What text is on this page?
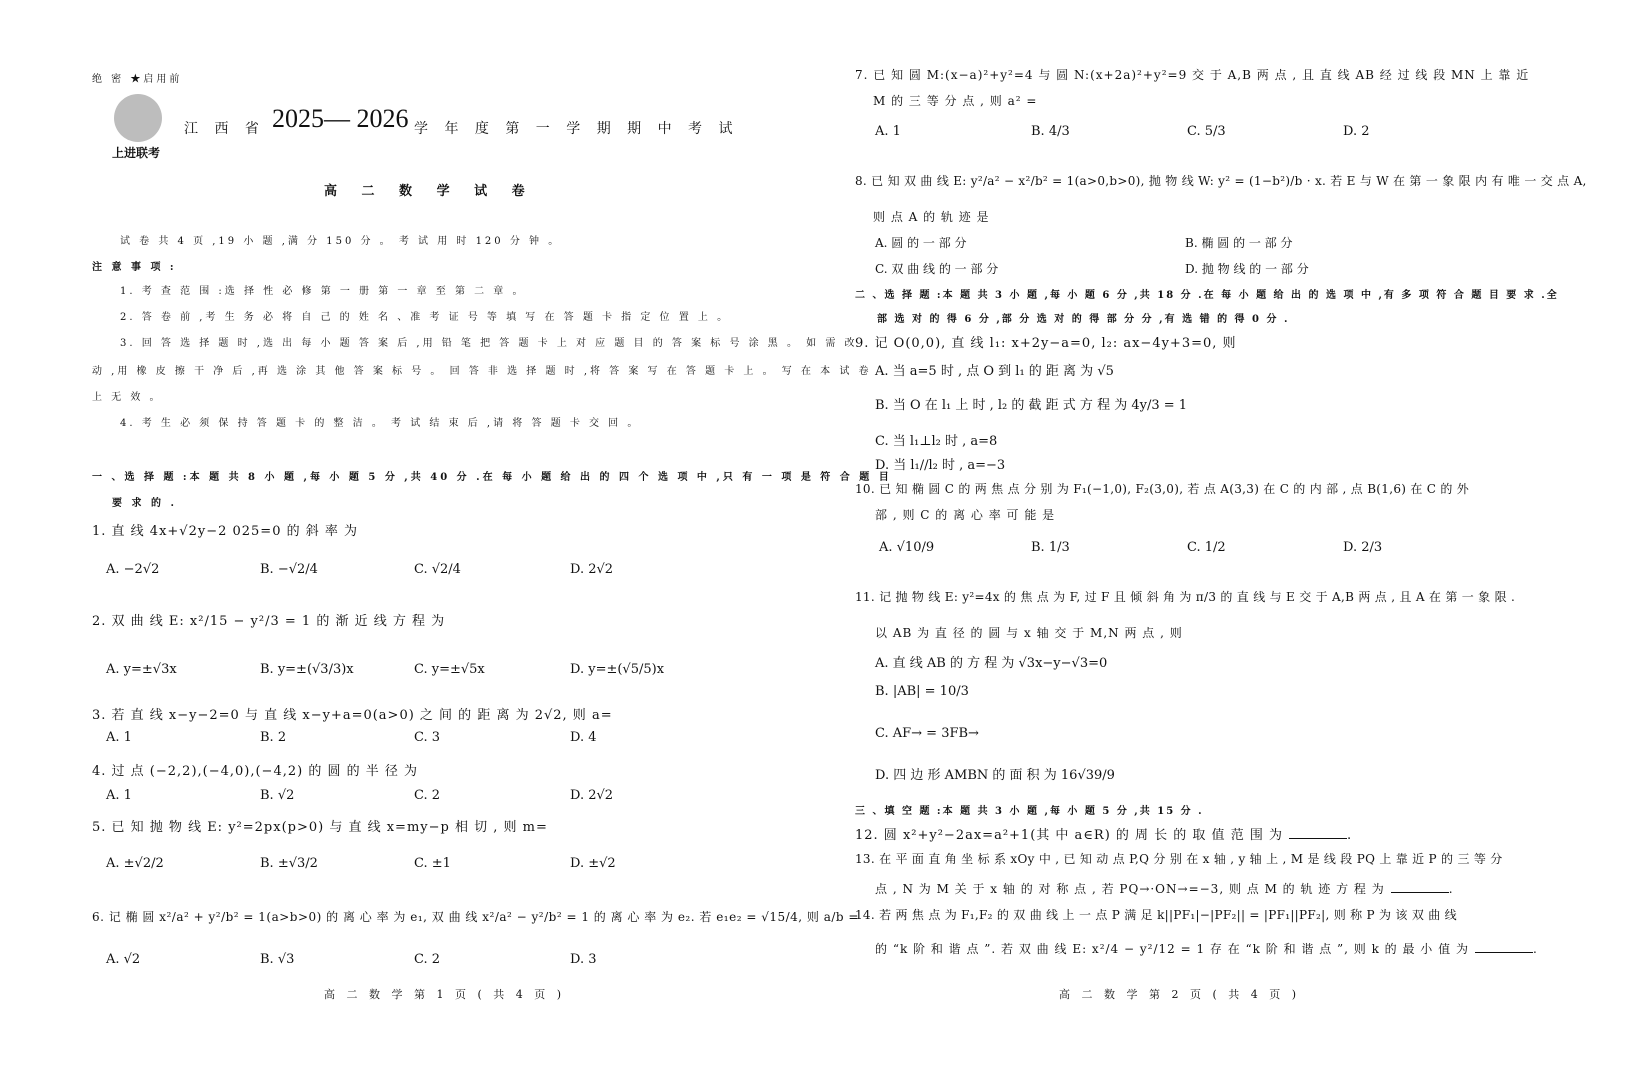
绝 密 ★启用前
上进联考
江 西 省 2025— 2026 学 年 度 第 一 学 期 期 中 考 试
高 二 数 学 试 卷
试 卷 共 4 页 ,19 小 题 ,满 分 150 分 。 考 试 用 时 120 分 钟 。
注 意 事 项 :
1. 考 查 范 围 :选 择 性 必 修 第 一 册 第 一 章 至 第 二 章 。
2. 答 卷 前 ,考 生 务 必 将 自 己 的 姓 名 、准 考 证 号 等 填 写 在 答 题 卡 指 定 位 置 上 。
3. 回 答 选 择 题 时 ,选 出 每 小 题 答 案 后 ,用 铅 笔 把 答 题 卡 上 对 应 题 目 的 答 案 标 号 涂 黑 。 如 需 改
动 ,用 橡 皮 擦 干 净 后 ,再 选 涂 其 他 答 案 标 号 。 回 答 非 选 择 题 时 ,将 答 案 写 在 答 题 卡 上 。 写 在 本 试 卷
上 无 效 。
4. 考 生 必 须 保 持 答 题 卡 的 整 洁 。 考 试 结 束 后 ,请 将 答 题 卡 交 回 。
一 、选 择 题 :本 题 共 8 小 题 ,每 小 题 5 分 ,共 40 分 .在 每 小 题 给 出 的 四 个 选 项 中 ,只 有 一 项 是 符 合 题 目
要 求 的 .
1. 直 线 4x+√2y−2 025=0 的 斜 率 为
A. −2√2	B. −√2/4	C. √2/4	D. 2√2
2. 双 曲 线 E: x²/15 − y²/3 = 1 的 渐 近 线 方 程 为
A. y=±√3x	B. y=±(√3/3)x	C. y=±√5x	D. y=±(√5/5)x
3. 若 直 线 x−y−2=0 与 直 线 x−y+a=0(a>0) 之 间 的 距 离 为 2√2, 则 a=
A. 1	B. 2	C. 3	D. 4
4. 过 点 (−2,2),(−4,0),(−4,2) 的 圆 的 半 径 为
A. 1	B. √2	C. 2	D. 2√2
5. 已 知 抛 物 线 E: y²=2px(p>0) 与 直 线 x=my−p 相 切 , 则 m=
A. ±√2/2	B. ±√3/2	C. ±1	D. ±√2
6. 记 椭 圆 x²/a² + y²/b² = 1(a>b>0) 的 离 心 率 为 e₁, 双 曲 线 x²/a² − y²/b² = 1 的 离 心 率 为 e₂. 若 e₁e₂ = √15/4, 则 a/b =
A. √2	B. √3	C. 2	D. 3
高 二 数 学 第 1 页 ( 共 4 页 )
7. 已 知 圆 M:(x−a)²+y²=4 与 圆 N:(x+2a)²+y²=9 交 于 A,B 两 点 , 且 直 线 AB 经 过 线 段 MN 上 靠 近
M 的 三 等 分 点 , 则 a² =
A. 1	B. 4/3	C. 5/3	D. 2
8. 已 知 双 曲 线 E: y²/a² − x²/b² = 1(a>0,b>0), 抛 物 线 W: y² = (1−b²)/b · x. 若 E 与 W 在 第 一 象 限 内 有 唯 一 交 点 A,
则 点 A 的 轨 迹 是
A. 圆 的 一 部 分	B. 椭 圆 的 一 部 分
C. 双 曲 线 的 一 部 分	D. 抛 物 线 的 一 部 分
二 、选 择 题 :本 题 共 3 小 题 ,每 小 题 6 分 ,共 18 分 .在 每 小 题 给 出 的 选 项 中 ,有 多 项 符 合 题 目 要 求 .全
部 选 对 的 得 6 分 ,部 分 选 对 的 得 部 分 分 ,有 选 错 的 得 0 分 .
9. 记 O(0,0), 直 线 l₁: x+2y−a=0, l₂: ax−4y+3=0, 则
A. 当 a=5 时 , 点 O 到 l₁ 的 距 离 为 √5
B. 当 O 在 l₁ 上 时 , l₂ 的 截 距 式 方 程 为 4y/3 = 1
C. 当 l₁⊥l₂ 时 , a=8
D. 当 l₁//l₂ 时 , a=−3
10. 已 知 椭 圆 C 的 两 焦 点 分 别 为 F₁(−1,0), F₂(3,0), 若 点 A(3,3) 在 C 的 内 部 , 点 B(1,6) 在 C 的 外
部 , 则 C 的 离 心 率 可 能 是
A. √10/9	B. 1/3	C. 1/2	D. 2/3
11. 记 抛 物 线 E: y²=4x 的 焦 点 为 F, 过 F 且 倾 斜 角 为 π/3 的 直 线 与 E 交 于 A,B 两 点 , 且 A 在 第 一 象 限 .
以 AB 为 直 径 的 圆 与 x 轴 交 于 M,N 两 点 , 则
A. 直 线 AB 的 方 程 为 √3x−y−√3=0
B. |AB| = 10/3
C. AF→ = 3FB→
D. 四 边 形 AMBN 的 面 积 为 16√39/9
三 、填 空 题 :本 题 共 3 小 题 ,每 小 题 5 分 ,共 15 分 .
12. 圆 x²+y²−2ax=a²+1(其 中 a∈R) 的 周 长 的 取 值 范 围 为	.
13. 在 平 面 直 角 坐 标 系 xOy 中 , 已 知 动 点 P,Q 分 别 在 x 轴 , y 轴 上 , M 是 线 段 PQ 上 靠 近 P 的 三 等 分
点 , N 为 M 关 于 x 轴 的 对 称 点 , 若 PQ→·ON→=−3, 则 点 M 的 轨 迹 方 程 为	.
14. 若 两 焦 点 为 F₁,F₂ 的 双 曲 线 上 一 点 P 满 足 k||PF₁|−|PF₂|| = |PF₁||PF₂|, 则 称 P 为 该 双 曲 线
的 “k 阶 和 谐 点 ”. 若 双 曲 线 E: x²/4 − y²/12 = 1 存 在 “k 阶 和 谐 点 ”, 则 k 的 最 小 值 为	.
高 二 数 学 第 2 页 ( 共 4 页 )
